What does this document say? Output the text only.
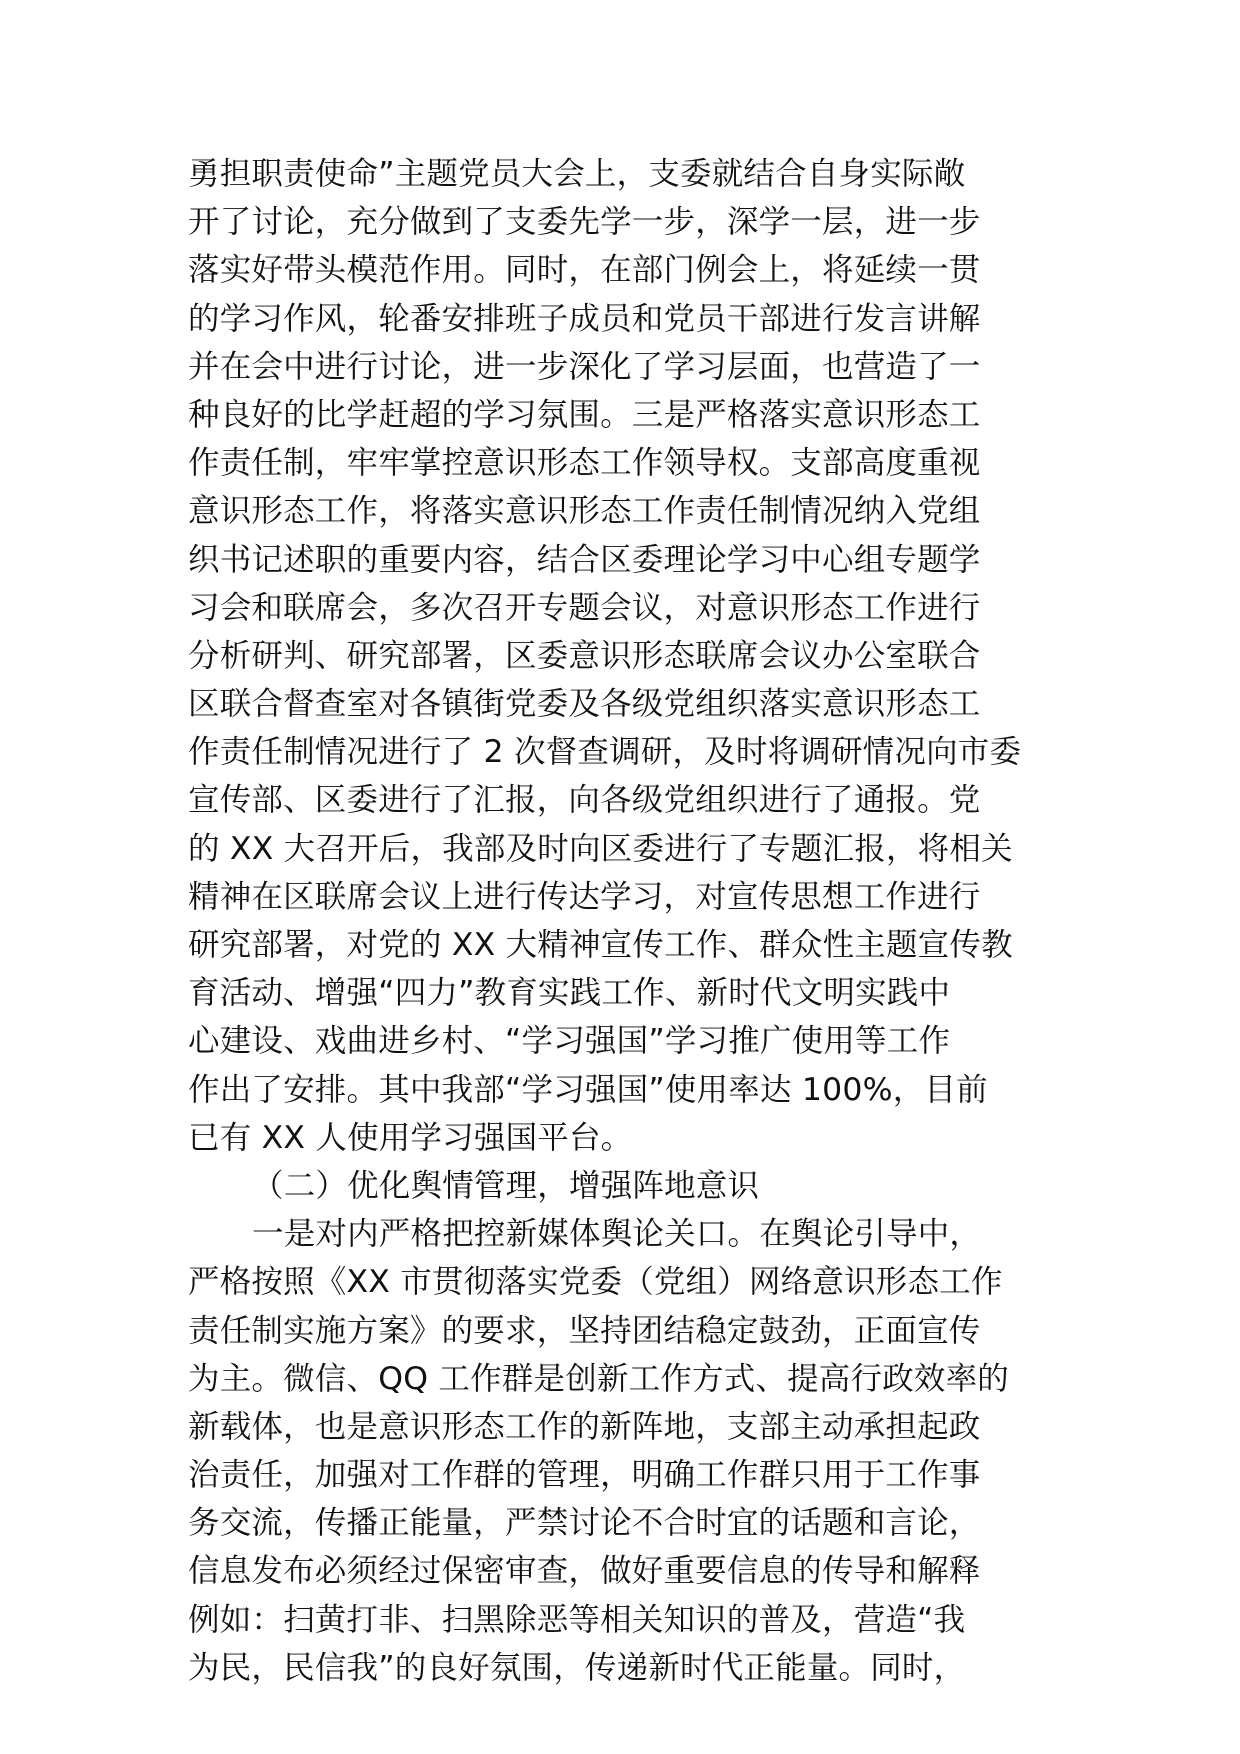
勇担职责使命”主题党员大会上，支委就结合自身实际敞
开了讨论，充分做到了支委先学一步，深学一层，进一步
落实好带头模范作用。同时，在部门例会上，将延续一贯
的学习作风，轮番安排班子成员和党员干部进行发言讲解
并在会中进行讨论，进一步深化了学习层面，也营造了一
种良好的比学赶超的学习氛围。三是严格落实意识形态工
作责任制，牢牢掌控意识形态工作领导权。支部高度重视
意识形态工作，将落实意识形态工作责任制情况纳入党组
织书记述职的重要内容，结合区委理论学习中心组专题学
习会和联席会，多次召开专题会议，对意识形态工作进行
分析研判、研究部署，区委意识形态联席会议办公室联合
区联合督查室对各镇街党委及各级党组织落实意识形态工
作责任制情况进行了 2 次督查调研，及时将调研情况向市委
宣传部、区委进行了汇报，向各级党组织进行了通报。党
的 XX 大召开后，我部及时向区委进行了专题汇报，将相关
精神在区联席会议上进行传达学习，对宣传思想工作进行
研究部署，对党的 XX 大精神宣传工作、群众性主题宣传教
育活动、增强“四力”教育实践工作、新时代文明实践中
心建设、戏曲进乡村、“学习强国”学习推广使用等工作
作出了安排。其中我部“学习强国”使用率达 100%，目前
已有 XX 人使用学习强国平台。
（二）优化舆情管理，增强阵地意识
一是对内严格把控新媒体舆论关口。在舆论引导中，
严格按照《XX 市贯彻落实党委（党组）网络意识形态工作
责任制实施方案》的要求，坚持团结稳定鼓劲，正面宣传
为主。微信、QQ 工作群是创新工作方式、提高行政效率的
新载体，也是意识形态工作的新阵地，支部主动承担起政
治责任，加强对工作群的管理，明确工作群只用于工作事
务交流，传播正能量，严禁讨论不合时宜的话题和言论，
信息发布必须经过保密审查，做好重要信息的传导和解释
例如：扫黄打非、扫黑除恶等相关知识的普及，营造“我
为民，民信我”的良好氛围，传递新时代正能量。同时，
